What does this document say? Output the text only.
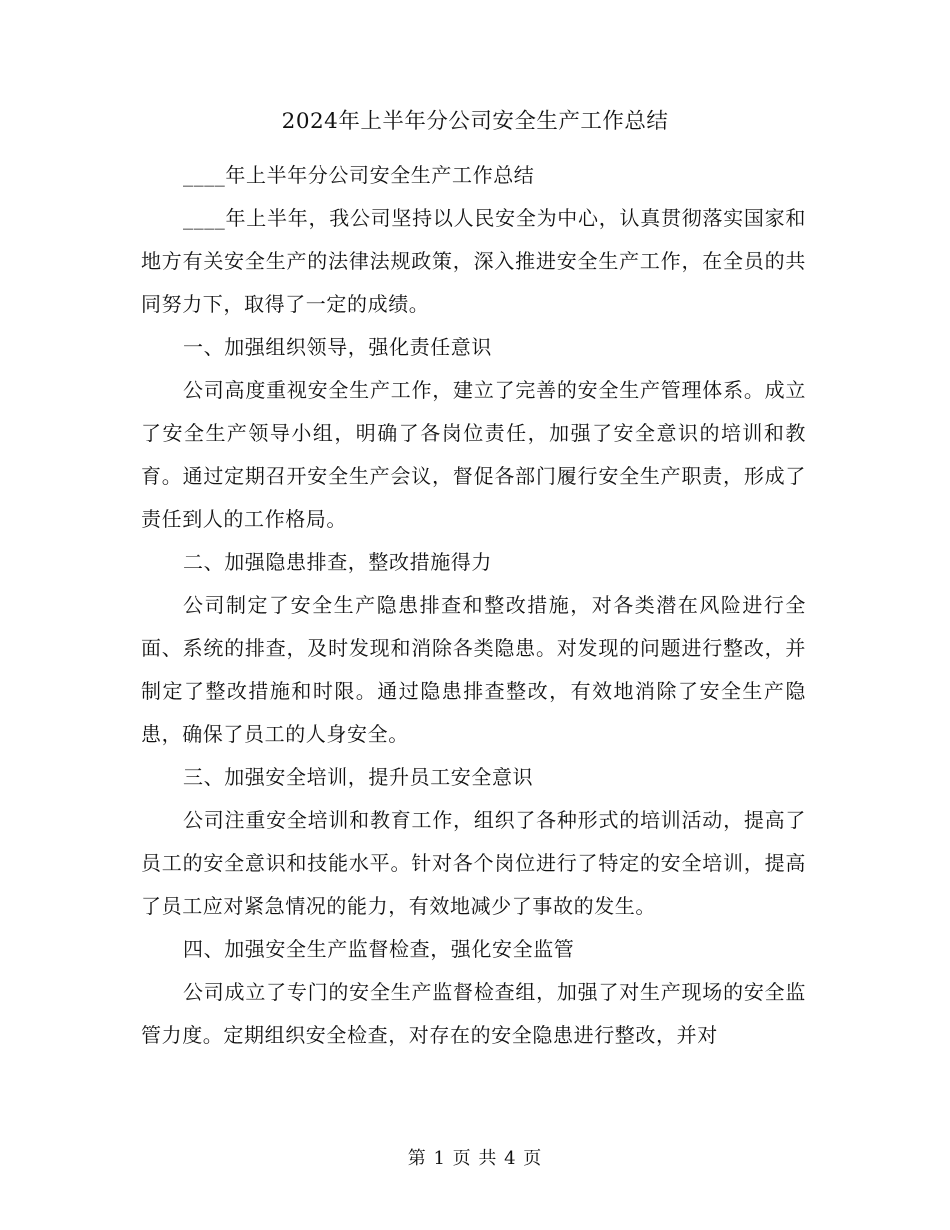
2024年上半年分公司安全生产工作总结

____年上半年分公司安全生产工作总结

____年上半年，我公司坚持以人民安全为中心，认真贯彻落实国家和地方有关安全生产的法律法规政策，深入推进安全生产工作，在全员的共同努力下，取得了一定的成绩。

一、加强组织领导，强化责任意识

公司高度重视安全生产工作，建立了完善的安全生产管理体系。成立了安全生产领导小组，明确了各岗位责任，加强了安全意识的培训和教育。通过定期召开安全生产会议，督促各部门履行安全生产职责，形成了责任到人的工作格局。

二、加强隐患排查，整改措施得力

公司制定了安全生产隐患排查和整改措施，对各类潜在风险进行全面、系统的排查，及时发现和消除各类隐患。对发现的问题进行整改，并制定了整改措施和时限。通过隐患排查整改，有效地消除了安全生产隐患，确保了员工的人身安全。

三、加强安全培训，提升员工安全意识

公司注重安全培训和教育工作，组织了各种形式的培训活动，提高了员工的安全意识和技能水平。针对各个岗位进行了特定的安全培训，提高了员工应对紧急情况的能力，有效地减少了事故的发生。

四、加强安全生产监督检查，强化安全监管

公司成立了专门的安全生产监督检查组，加强了对生产现场的安全监管力度。定期组织安全检查，对存在的安全隐患进行整改，并对

第 1 页 共 4 页
